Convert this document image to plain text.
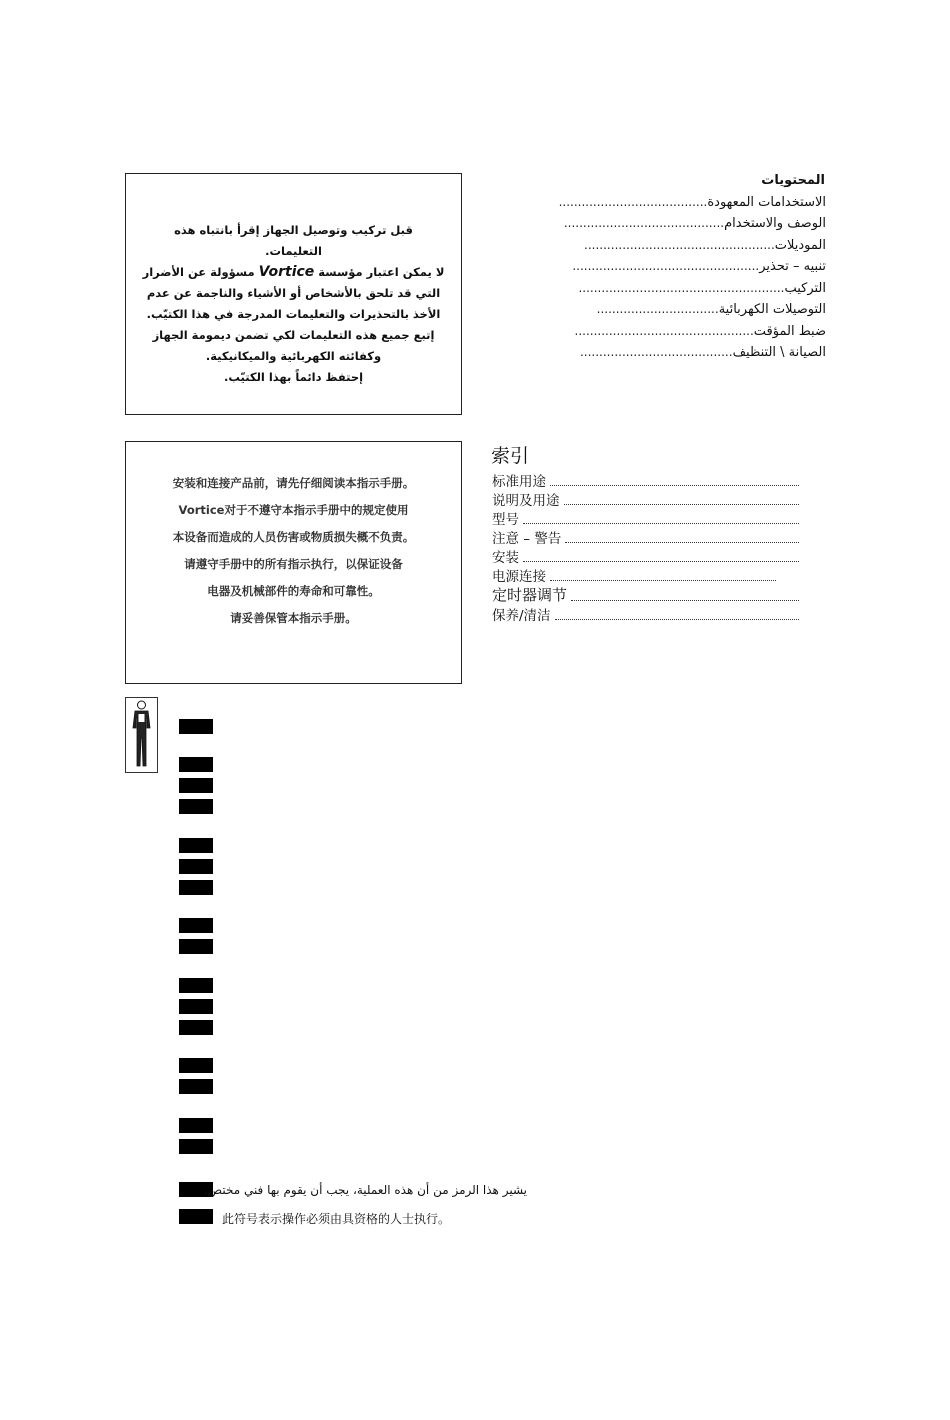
قبل تركيب وتوصيل الجهاز إقرأ بانتباه هذه

التعليمات.

لا يمكن اعتبار مؤسسة Vortice مسؤولة عن الأضرار

التي قد تلحق بالأشخاص أو الأشياء والناجمة عن عدم

الأخذ بالتحذيرات والتعليمات المدرجة في هذا الكتيّب.

إتبع جميع هذه التعليمات لكي تضمن ديمومة الجهاز

وكفائته الكهربائية والميكانيكية.

إحتفظ دائماً بهذا الكتيّب.

安装和连接产品前，请先仔细阅读本指示手册。

Vortice对于不遵守本指示手册中的规定使用

本设备而造成的人员伤害或物质损失概不负责。

请遵守手册中的所有指示执行，以保证设备

电器及机械部件的寿命和可靠性。

请妥善保管本指示手册。

المحتويات
الاستخدامات المعهودة.......................................
الوصف والاستخدام..........................................
الموديلات..................................................
تنبيه – تحذير.................................................
التركيب......................................................
التوصيلات الكهربائية................................
ضبط المؤقت...............................................
الصيانة \ التنظيف........................................
索引
标准用途
说明及用途
型号
注意 – 警告
安装
电源连接
定时器调节
保养/清洁
يشير هذا الرمز من أن هذه العملية، يجب أن يقوم بها فني مختص.
此符号表示操作必须由具资格的人士执行。
